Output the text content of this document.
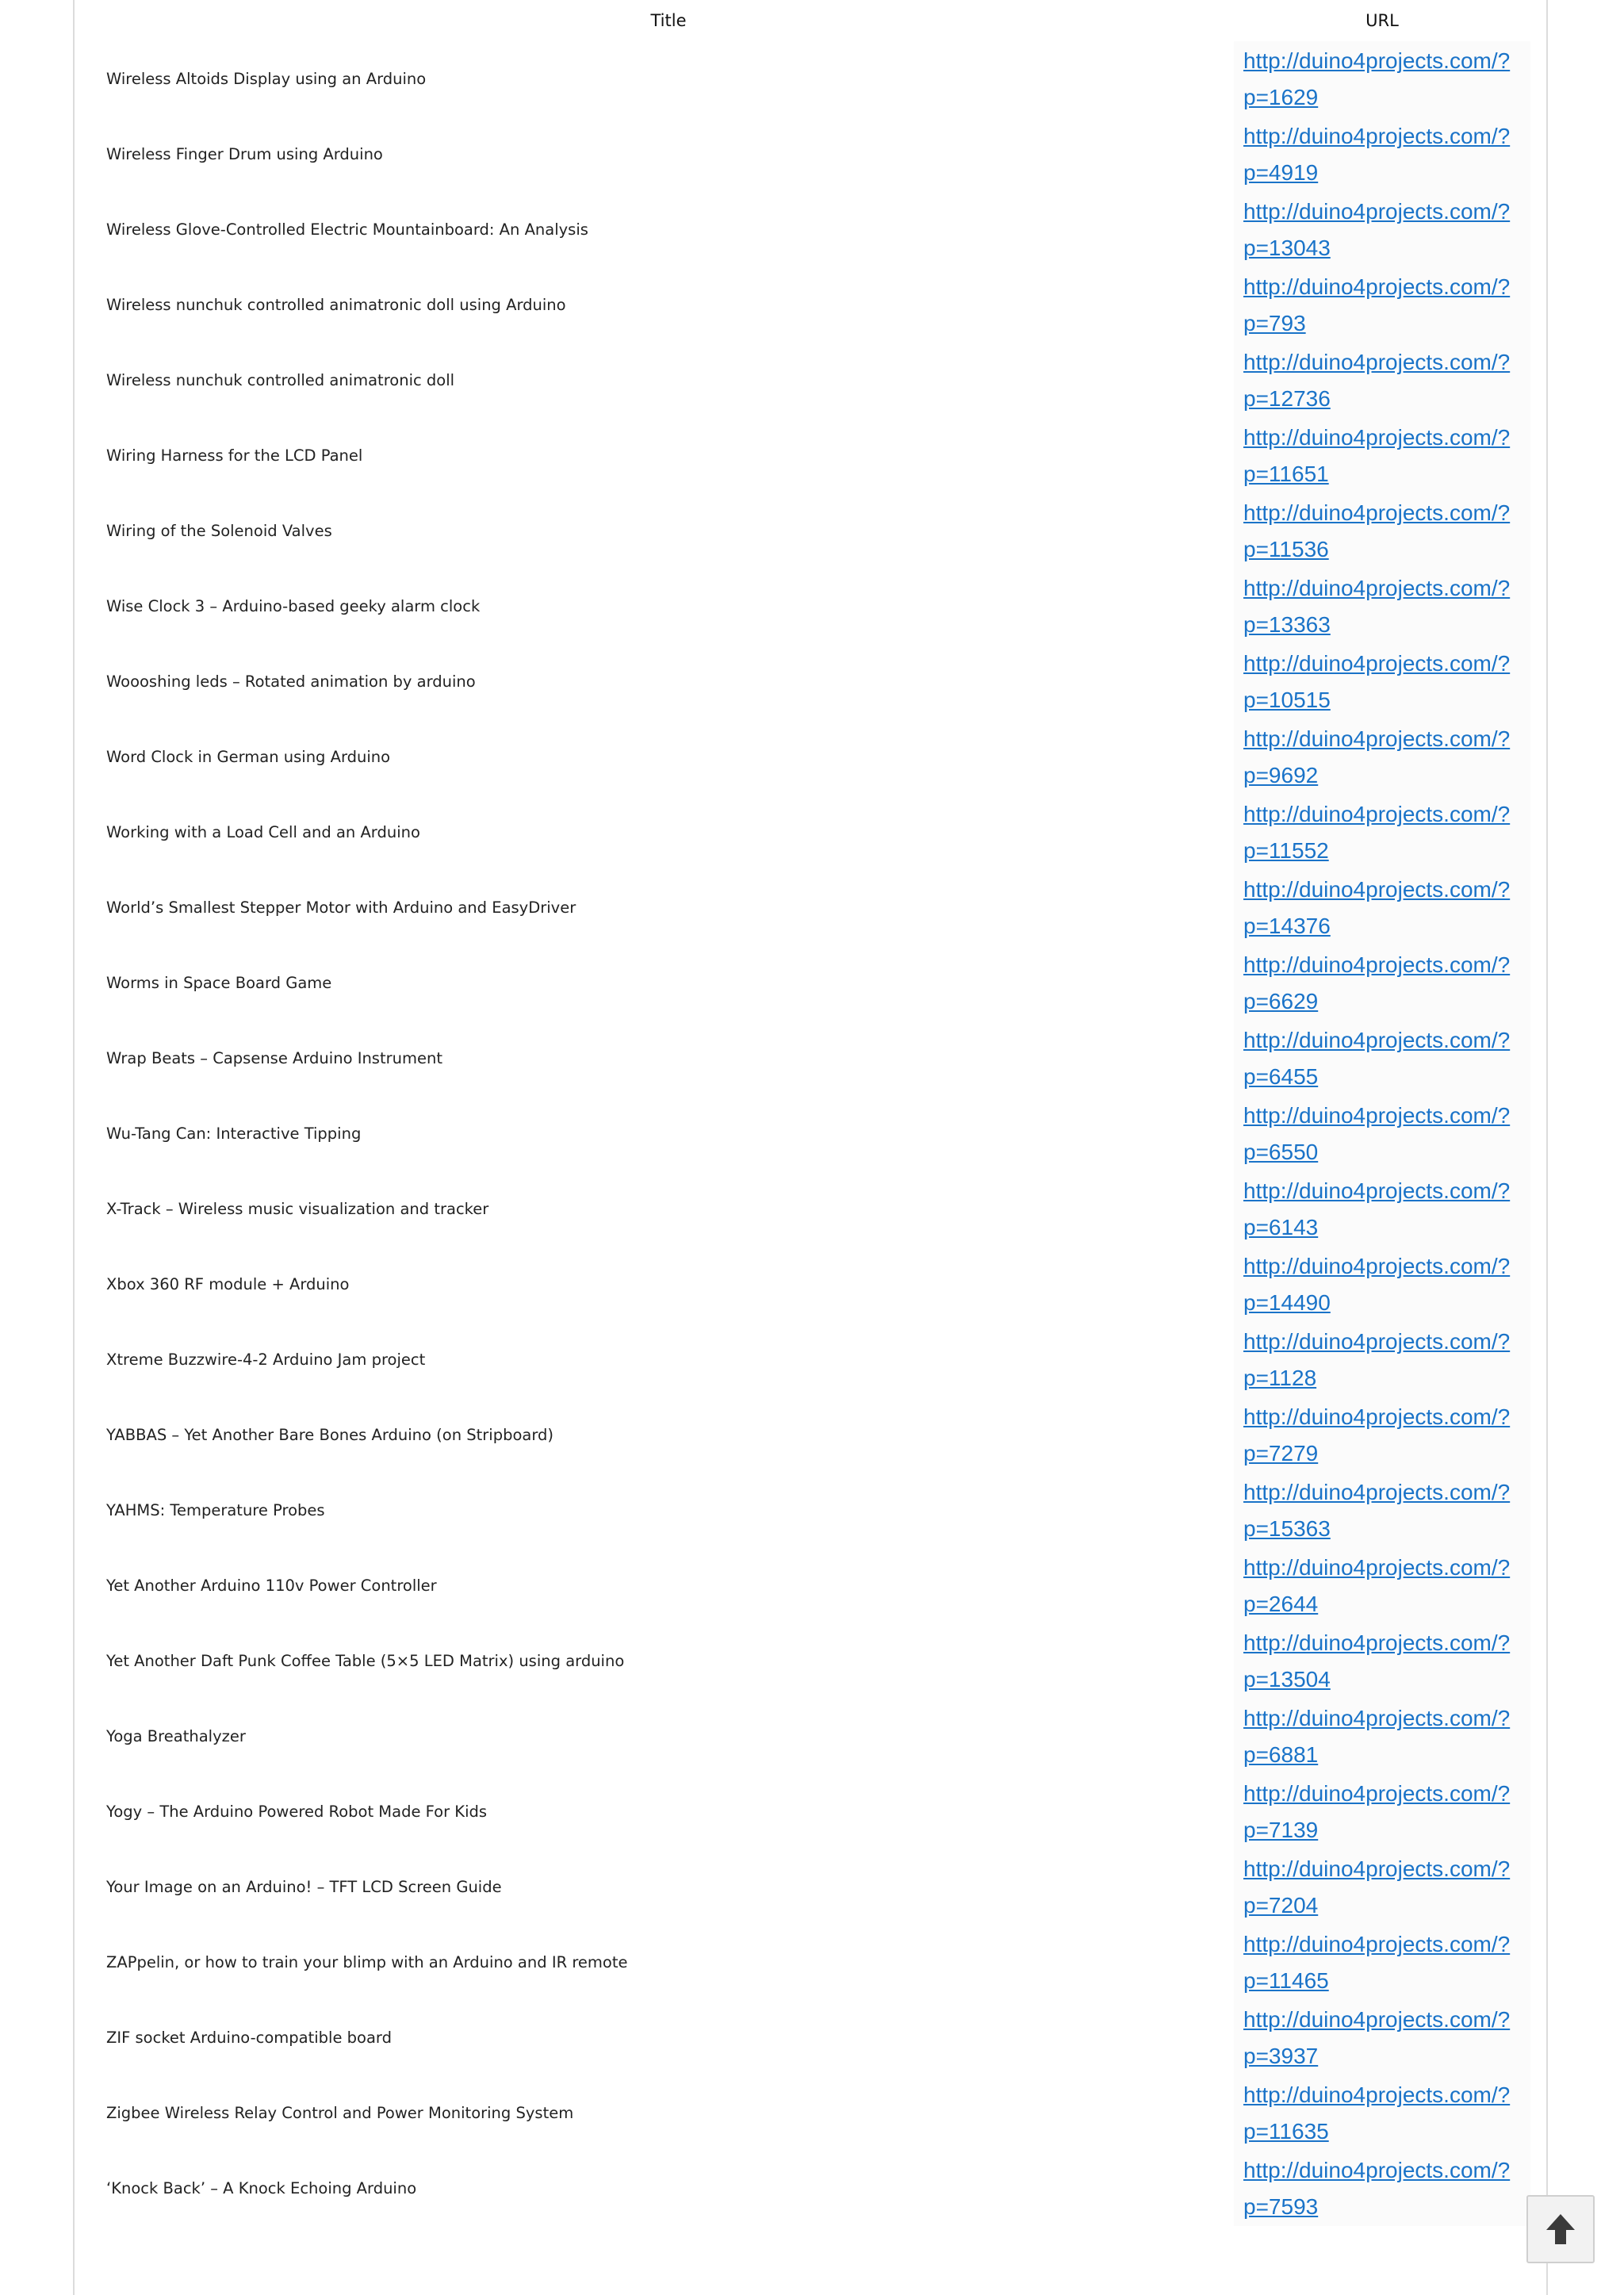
Title	URL
Wireless Altoids Display using an Arduino	http://duino4projects.com/?p=1629

Wireless Finger Drum using Arduino	http://duino4projects.com/?p=4919

Wireless Glove-Controlled Electric Mountainboard: An Analysis	http://duino4projects.com/?p=13043

Wireless nunchuk controlled animatronic doll using Arduino	http://duino4projects.com/?p=793

Wireless nunchuk controlled animatronic doll	http://duino4projects.com/?p=12736

Wiring Harness for the LCD Panel	http://duino4projects.com/?p=11651

Wiring of the Solenoid Valves	http://duino4projects.com/?p=11536

Wise Clock 3 – Arduino-based geeky alarm clock	http://duino4projects.com/?p=13363

Woooshing leds – Rotated animation by arduino	http://duino4projects.com/?p=10515

Word Clock in German using Arduino	http://duino4projects.com/?p=9692

Working with a Load Cell and an Arduino	http://duino4projects.com/?p=11552

World’s Smallest Stepper Motor with Arduino and EasyDriver	http://duino4projects.com/?p=14376

Worms in Space Board Game	http://duino4projects.com/?p=6629

Wrap Beats – Capsense Arduino Instrument	http://duino4projects.com/?p=6455

Wu-Tang Can: Interactive Tipping	http://duino4projects.com/?p=6550

X-Track – Wireless music visualization and tracker	http://duino4projects.com/?p=6143

Xbox 360 RF module + Arduino	http://duino4projects.com/?p=14490

Xtreme Buzzwire-4-2 Arduino Jam project	http://duino4projects.com/?p=1128

YABBAS – Yet Another Bare Bones Arduino (on Stripboard)	http://duino4projects.com/?p=7279

YAHMS: Temperature Probes	http://duino4projects.com/?p=15363

Yet Another Arduino 110v Power Controller	http://duino4projects.com/?p=2644

Yet Another Daft Punk Coffee Table (5×5 LED Matrix) using arduino	http://duino4projects.com/?p=13504

Yoga Breathalyzer	http://duino4projects.com/?p=6881

Yogy – The Arduino Powered Robot Made For Kids	http://duino4projects.com/?p=7139

Your Image on an Arduino! – TFT LCD Screen Guide	http://duino4projects.com/?p=7204

ZAPpelin, or how to train your blimp with an Arduino and IR remote	http://duino4projects.com/?p=11465

ZIF socket Arduino-compatible board	http://duino4projects.com/?p=3937

Zigbee Wireless Relay Control and Power Monitoring System	http://duino4projects.com/?p=11635

‘Knock Back’ – A Knock Echoing Arduino	http://duino4projects.com/?p=7593
